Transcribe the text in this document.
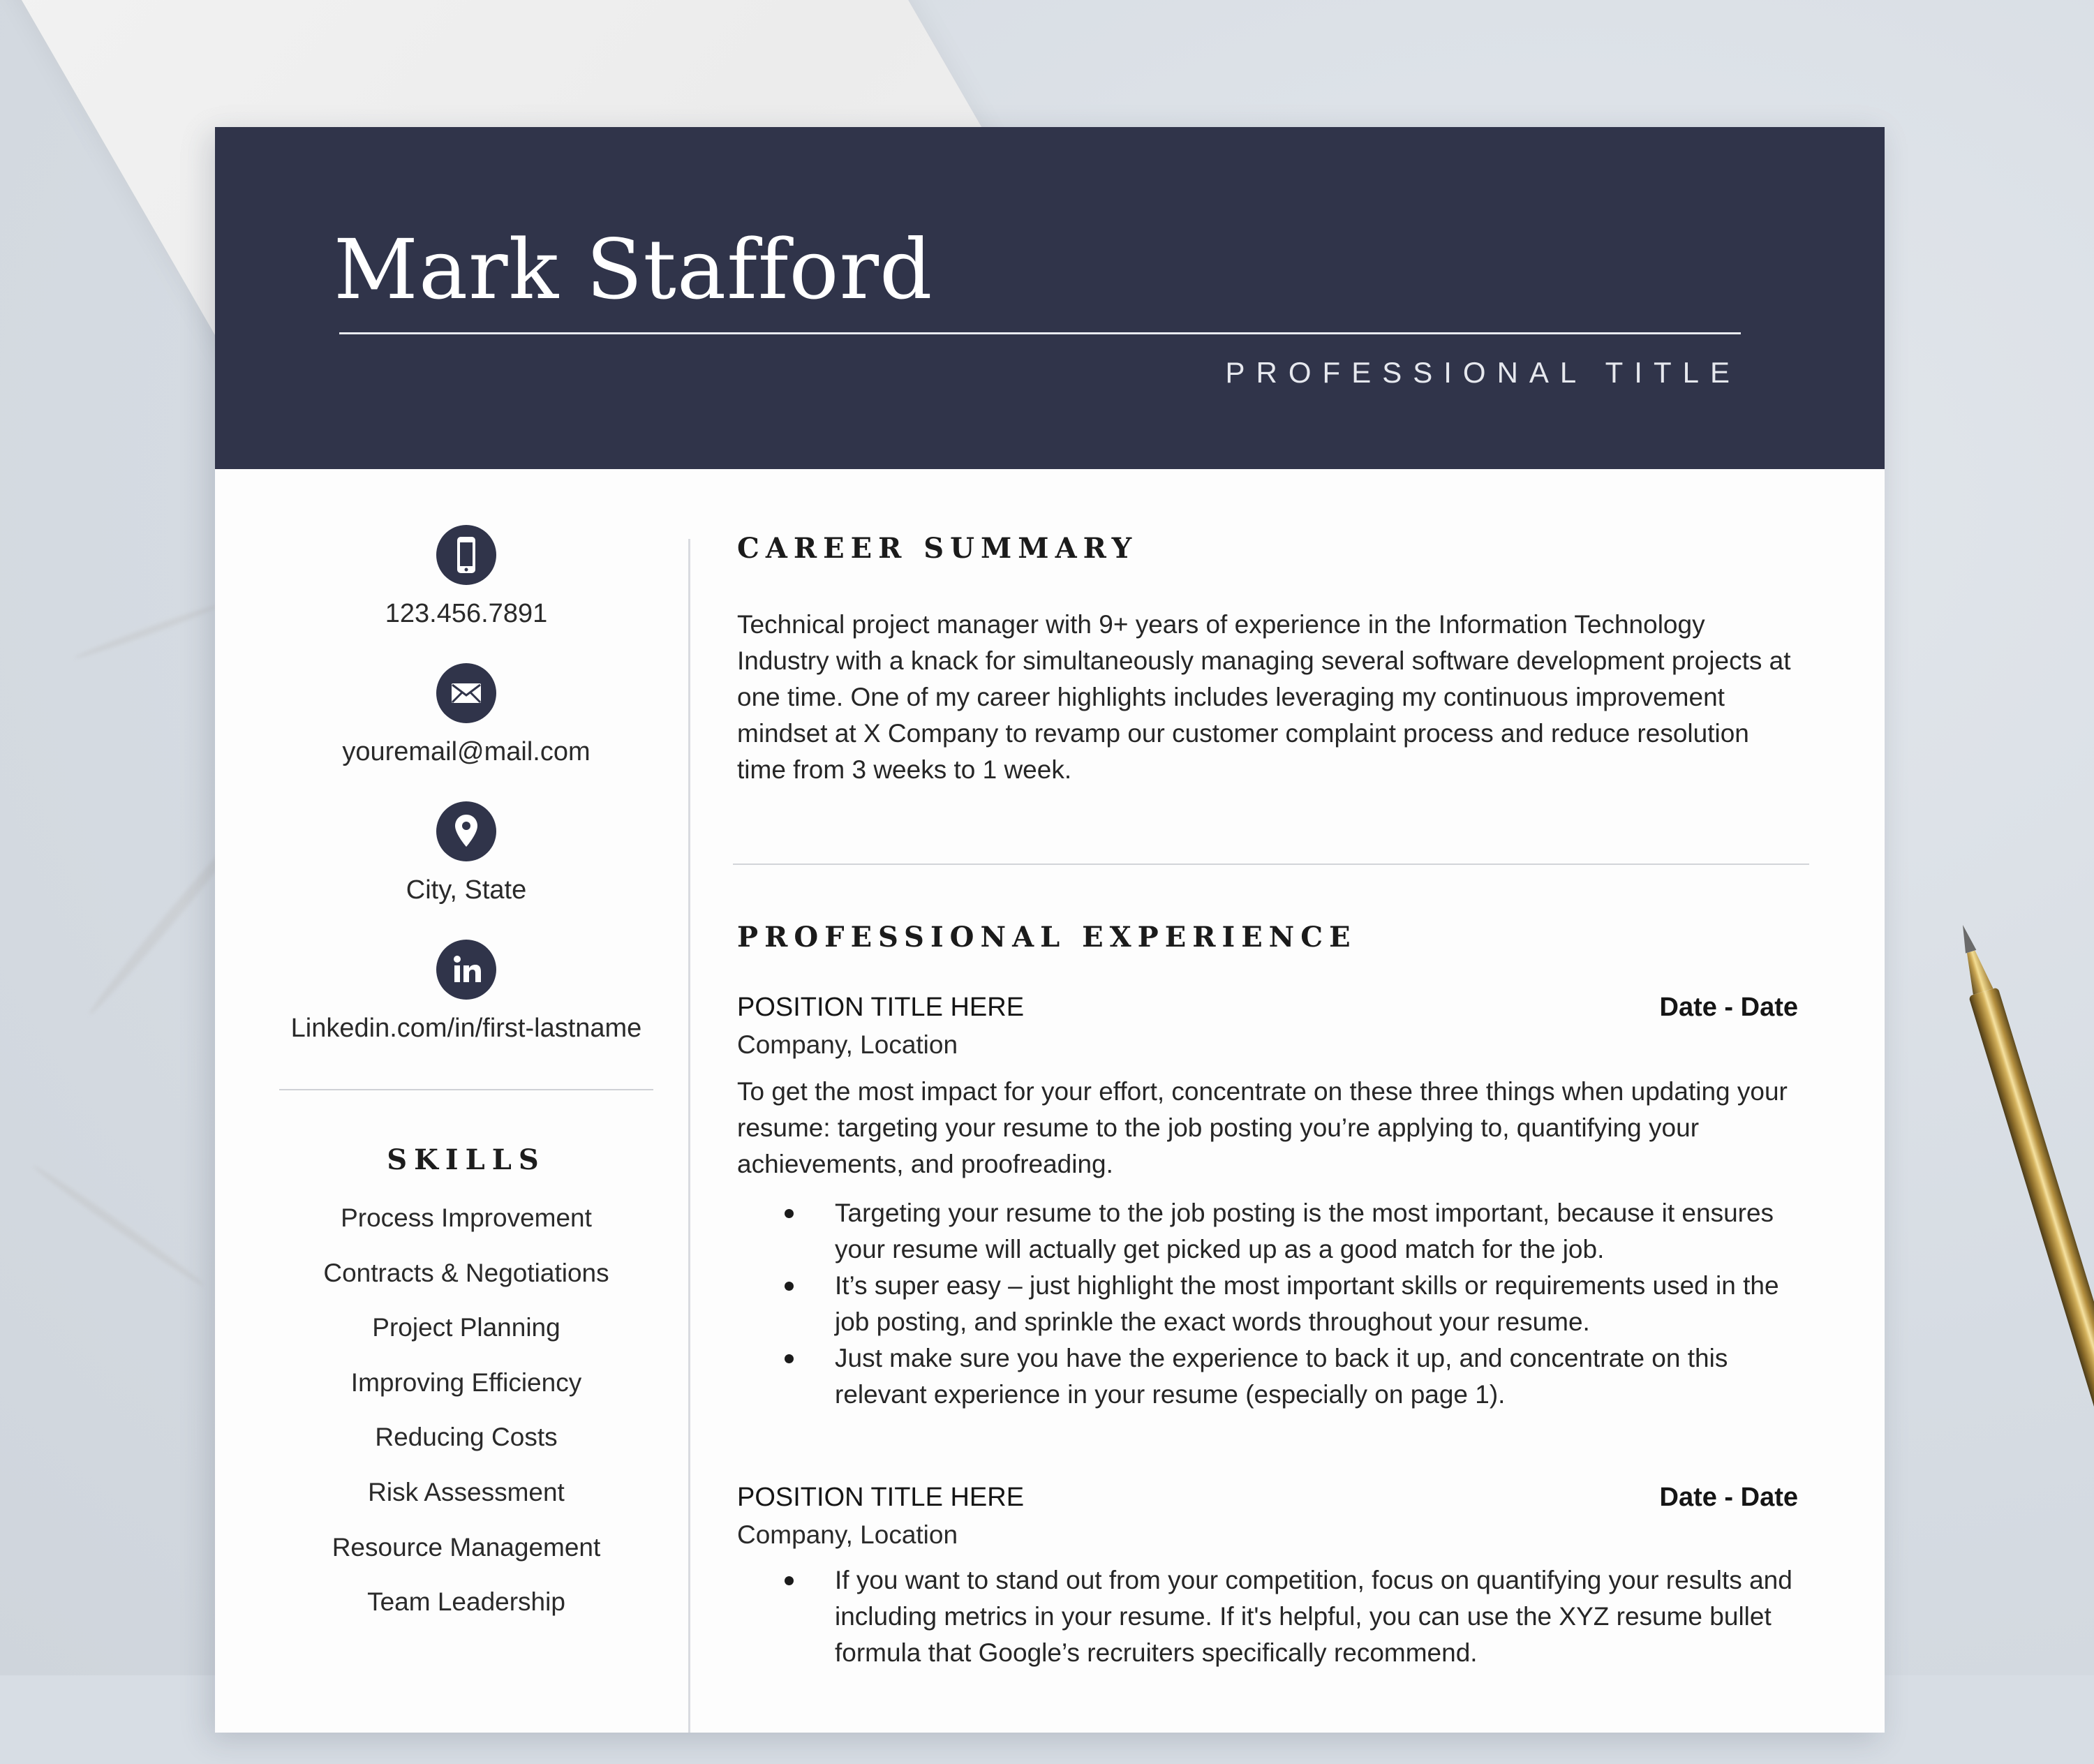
Mark Stafford
PROFESSIONAL TITLE
123.456.7891
youremail@mail.com
City, State
Linkedin.com/in/first-lastname
SKILLS
Process Improvement
Contracts & Negotiations
Project Planning
Improving Efficiency
Reducing Costs
Risk Assessment
Resource Management
Team Leadership
CAREER SUMMARY

Technical project manager with 9+ years of experience in the Information Technology Industry with a knack for simultaneously managing several software development projects at one time. One of my career highlights includes leveraging my continuous improvement mindset at X Company to revamp our customer complaint process and reduce resolution time from 3 weeks to 1 week.

PROFESSIONAL EXPERIENCE
POSITION TITLE HERE	Date - Date
Company, Location

To get the most impact for your effort, concentrate on these three things when updating your resume: targeting your resume to the job posting you’re applying to, quantifying your achievements, and proofreading.

Targeting your resume to the job posting is the most important, because it ensures your resume will actually get picked up as a good match for the job.
It’s super easy – just highlight the most important skills or requirements used in the job posting, and sprinkle the exact words throughout your resume.
Just make sure you have the experience to back it up, and concentrate on this relevant experience in your resume (especially on page 1).
POSITION TITLE HERE	Date - Date
Company, Location
If you want to stand out from your competition, focus on quantifying your results and including metrics in your resume. If it's helpful, you can use the XYZ resume bullet formula that Google’s recruiters specifically recommend.
